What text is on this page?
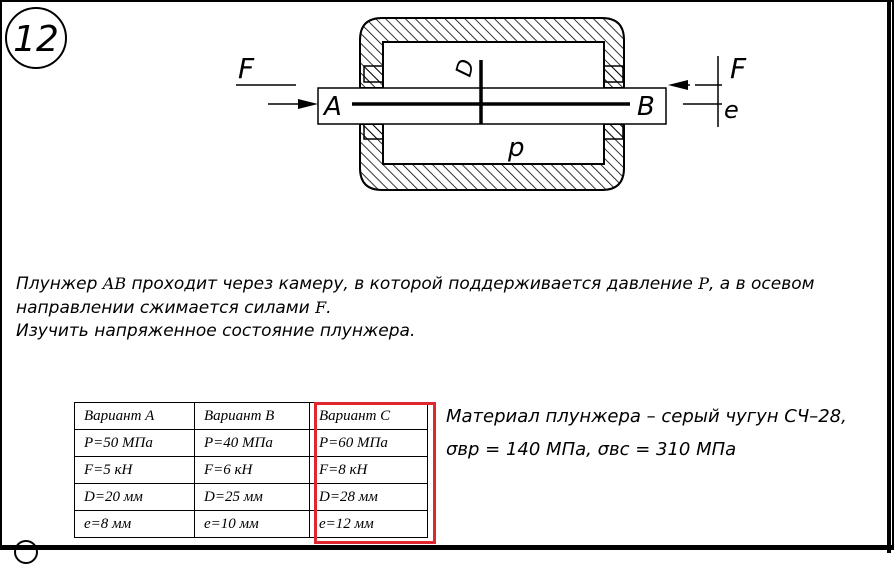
12
D
A	B
p
F	F
e
Плунжер AB проходит через камеру, в которой поддерживается давление P, а в осевом
направлении сжимается силами F.
Изучить напряженное состояние плунжера.
Вариант A	Вариант B	Вариант C
P=50 МПа	P=40 МПа	P=60 МПа
F=5 кН	F=6 кН	F=8 кН
D=20 мм	D=25 мм	D=28 мм
e=8 мм	e=10 мм	e=12 мм
Материал плунжера – серый чугун СЧ–28,
σвр = 140 МПа, σвс = 310 МПа
